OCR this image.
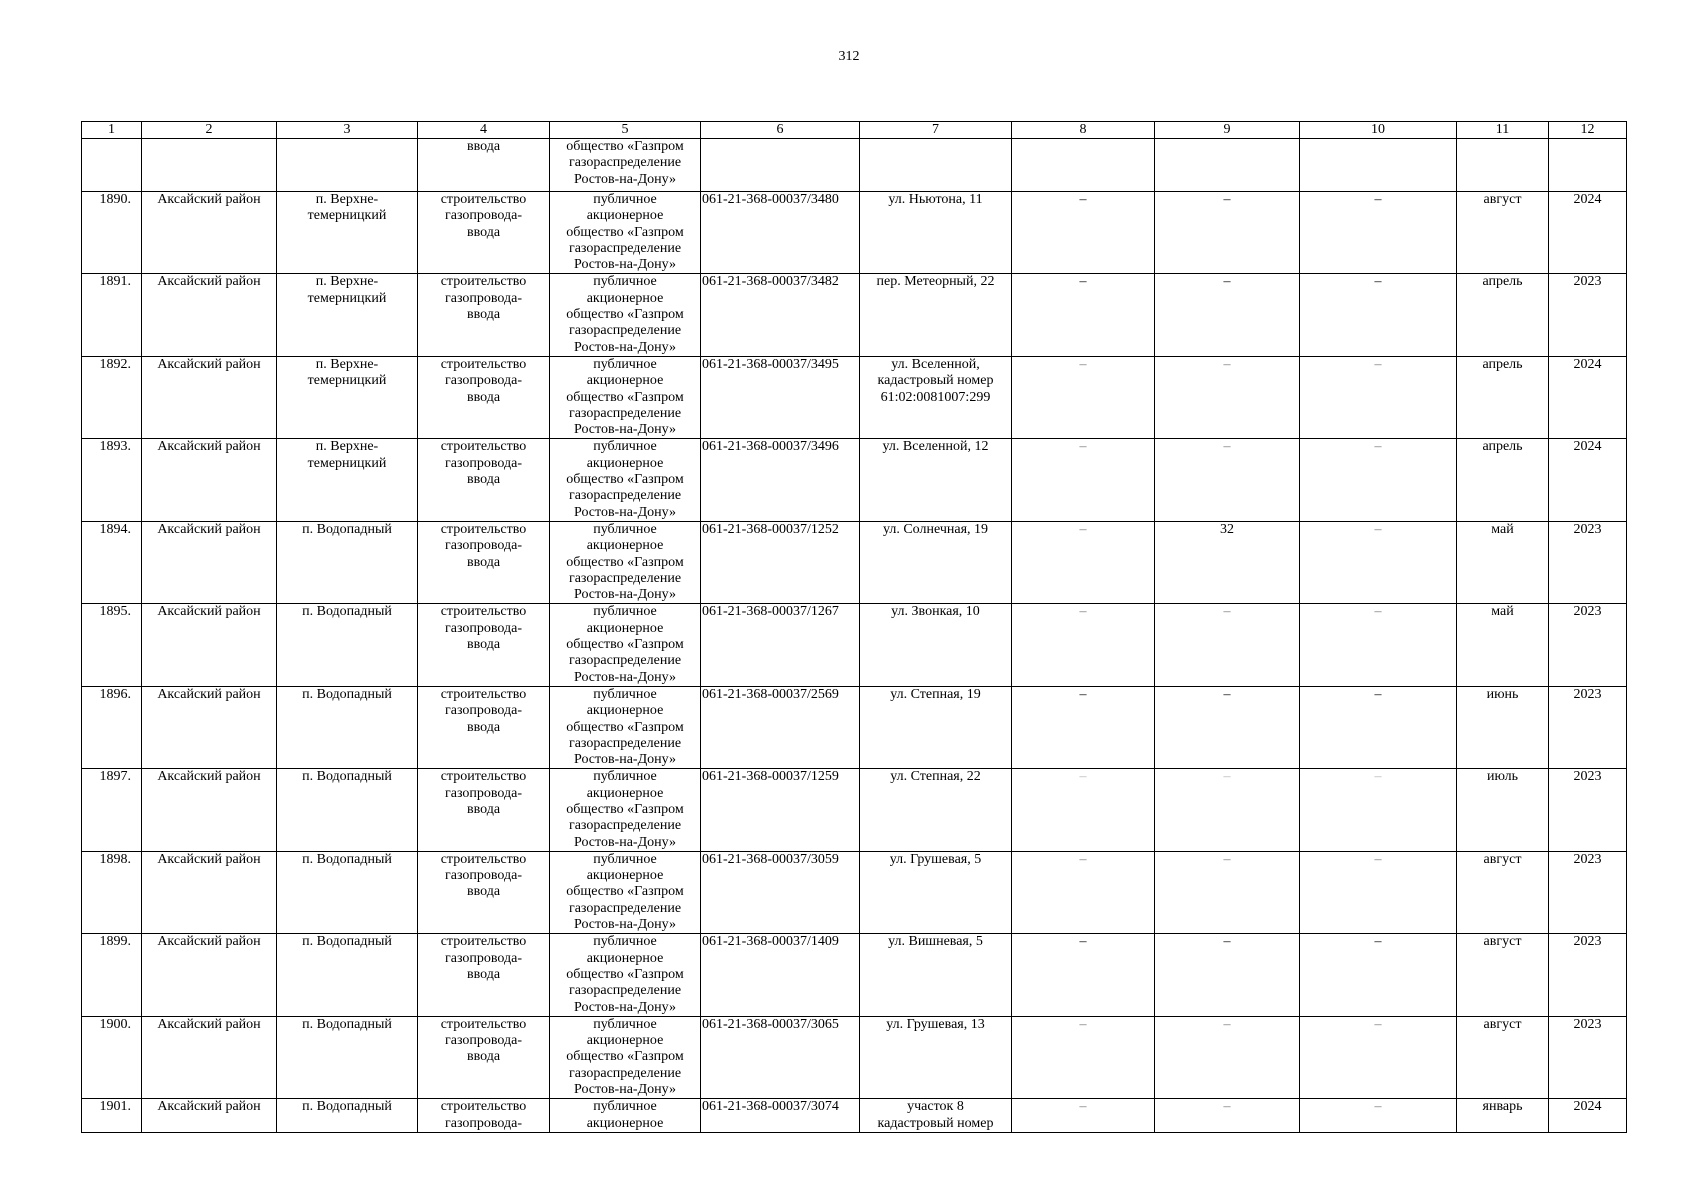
312
1	2	3	4	5	6	7	8	9	10	11	12
			ввода	общество «Газпром
газораспределение
Ростов-на-Дону»							
1890.	Аксайский район	п. Верхне-
темерницкий	строительство
газопровода-
ввода	публичное
акционерное
общество «Газпром
газораспределение
Ростов-на-Дону»	061-21-368-00037/3480	ул. Ньютона, 11	–	–	–	август	2024
1891.	Аксайский район	п. Верхне-
темерницкий	строительство
газопровода-
ввода	публичное
акционерное
общество «Газпром
газораспределение
Ростов-на-Дону»	061-21-368-00037/3482	пер. Метеорный, 22	–	–	–	апрель	2023
1892.	Аксайский район	п. Верхне-
темерницкий	строительство
газопровода-
ввода	публичное
акционерное
общество «Газпром
газораспределение
Ростов-на-Дону»	061-21-368-00037/3495	ул. Вселенной,
кадастровый номер
61:02:0081007:299	–	–	–	апрель	2024
1893.	Аксайский район	п. Верхне-
темерницкий	строительство
газопровода-
ввода	публичное
акционерное
общество «Газпром
газораспределение
Ростов-на-Дону»	061-21-368-00037/3496	ул. Вселенной, 12	–	–	–	апрель	2024
1894.	Аксайский район	п. Водопадный	строительство
газопровода-
ввода	публичное
акционерное
общество «Газпром
газораспределение
Ростов-на-Дону»	061-21-368-00037/1252	ул. Солнечная, 19	–	32	–	май	2023
1895.	Аксайский район	п. Водопадный	строительство
газопровода-
ввода	публичное
акционерное
общество «Газпром
газораспределение
Ростов-на-Дону»	061-21-368-00037/1267	ул. Звонкая, 10	–	–	–	май	2023
1896.	Аксайский район	п. Водопадный	строительство
газопровода-
ввода	публичное
акционерное
общество «Газпром
газораспределение
Ростов-на-Дону»	061-21-368-00037/2569	ул. Степная, 19	–	–	–	июнь	2023
1897.	Аксайский район	п. Водопадный	строительство
газопровода-
ввода	публичное
акционерное
общество «Газпром
газораспределение
Ростов-на-Дону»	061-21-368-00037/1259	ул. Степная, 22	–	–	–	июль	2023
1898.	Аксайский район	п. Водопадный	строительство
газопровода-
ввода	публичное
акционерное
общество «Газпром
газораспределение
Ростов-на-Дону»	061-21-368-00037/3059	ул. Грушевая, 5	–	–	–	август	2023
1899.	Аксайский район	п. Водопадный	строительство
газопровода-
ввода	публичное
акционерное
общество «Газпром
газораспределение
Ростов-на-Дону»	061-21-368-00037/1409	ул. Вишневая, 5	–	–	–	август	2023
1900.	Аксайский район	п. Водопадный	строительство
газопровода-
ввода	публичное
акционерное
общество «Газпром
газораспределение
Ростов-на-Дону»	061-21-368-00037/3065	ул. Грушевая, 13	–	–	–	август	2023
1901.	Аксайский район	п. Водопадный	строительство
газопровода-	публичное
акционерное	061-21-368-00037/3074	участок 8
кадастровый номер	–	–	–	январь	2024
